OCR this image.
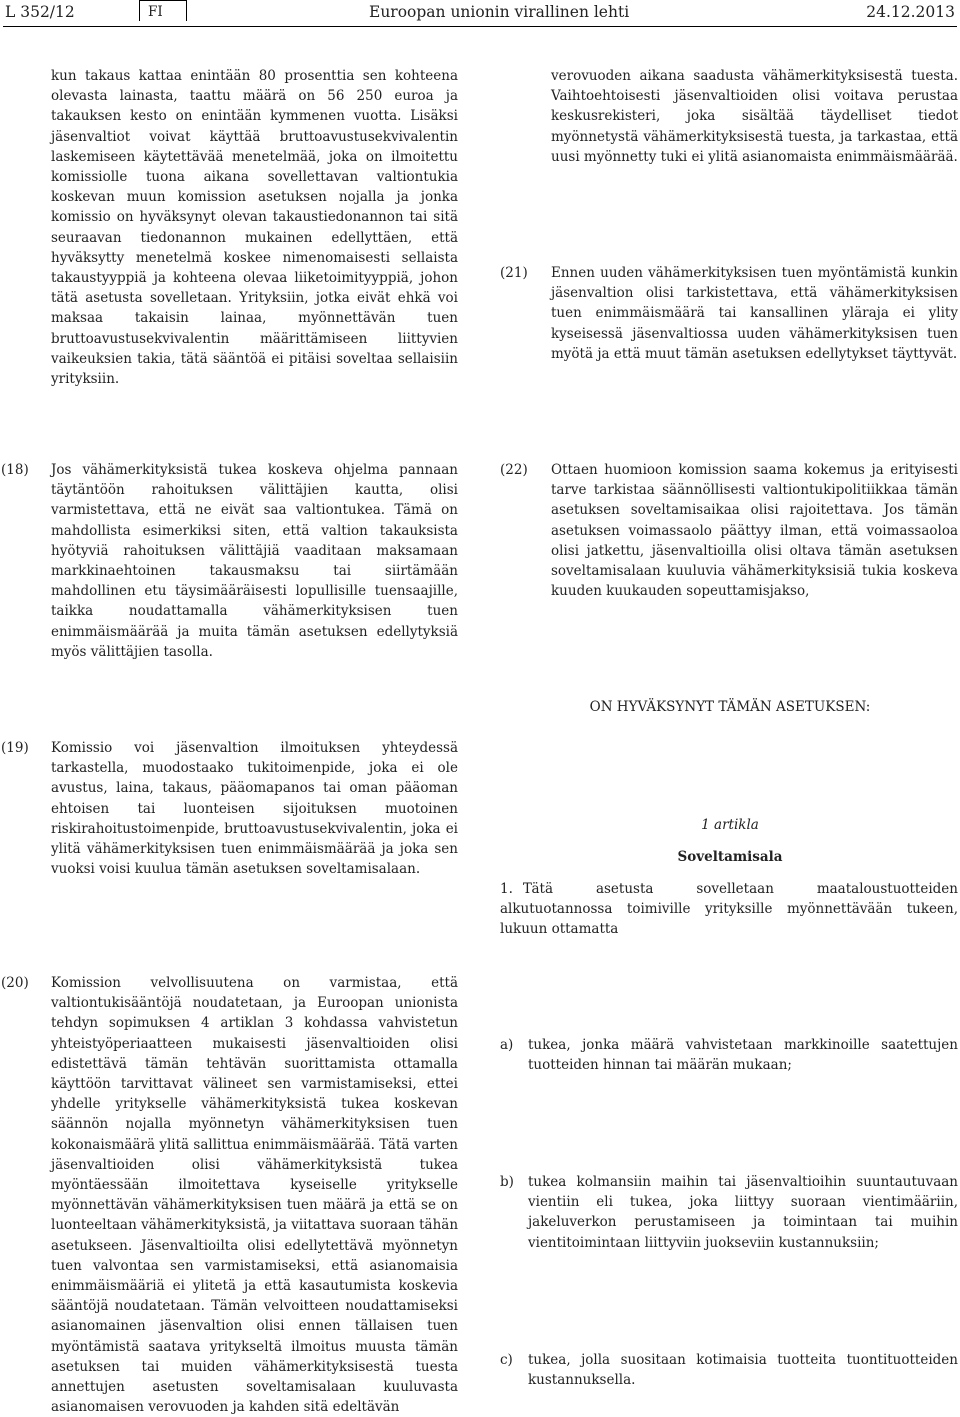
L 352/12	FI	Euroopan unionin virallinen lehti	24.12.2013

kun takaus kattaa enintään 80 prosenttia sen kohteena olevasta lainasta, taattu määrä on 56 250 euroa ja takauksen kesto on enintään kymmenen vuotta. Lisäksi jäsenvaltiot voivat käyttää bruttoavustusekvivalentin laskemiseen käytettävää menetelmää, joka on ilmoitettu komissiolle tuona aikana sovellettavan valtiontukia koskevan muun komission asetuksen nojalla ja jonka komissio on hyväksynyt olevan takaustiedonannon tai sitä seuraavan tiedonannon mukainen edellyttäen, että hyväksytty menetelmä koskee nimenomaisesti sellaista takaustyyppiä ja kohteena olevaa liiketoimityyppiä, johon tätä asetusta sovelletaan. Yrityksiin, jotka eivät ehkä voi maksaa takaisin lainaa, myönnettävän tuen bruttoavustusekvivalentin määrittämiseen liittyvien vaikeuksien takia, tätä sääntöä ei pitäisi soveltaa sellaisiin yrityksiin.

(18) Jos vähämerkityksistä tukea koskeva ohjelma pannaan täytäntöön rahoituksen välittäjien kautta, olisi varmistettava, että ne eivät saa valtiontukea. Tämä on mahdollista esimerkiksi siten, että valtion takauksista hyötyviä rahoituksen välittäjiä vaaditaan maksamaan markkinaehtoinen takausmaksu tai siirtämään mahdollinen etu täysimääräisesti lopullisille tuensaajille, taikka noudattamalla vähämerkityksisen tuen enimmäismäärää ja muita tämän asetuksen edellytyksiä myös välittäjien tasolla.

(19) Komissio voi jäsenvaltion ilmoituksen yhteydessä tarkastella, muodostaako tukitoimenpide, joka ei ole avustus, laina, takaus, pääomapanos tai oman pääoman ehtoisen tai luonteisen sijoituksen muotoinen riskirahoitustoimenpide, bruttoavustusekvivalentin, joka ei ylitä vähämerkityksisen tuen enimmäismäärää ja joka sen vuoksi voisi kuulua tämän asetuksen soveltamisalaan.

(20) Komission velvollisuutena on varmistaa, että valtiontukisääntöjä noudatetaan, ja Euroopan unionista tehdyn sopimuksen 4 artiklan 3 kohdassa vahvistetun yhteistyöperiaatteen mukaisesti jäsenvaltioiden olisi edistettävä tämän tehtävän suorittamista ottamalla käyttöön tarvittavat välineet sen varmistamiseksi, ettei yhdelle yritykselle vähämerkityksistä tukea koskevan säännön nojalla myönnetyn vähämerkityksisen tuen kokonaismäärä ylitä sallittua enimmäismäärää. Tätä varten jäsenvaltioiden olisi vähämerkityksistä tukea myöntäessään ilmoitettava kyseiselle yritykselle myönnettävän vähämerkityksisen tuen määrä ja että se on luonteeltaan vähämerkityksistä, ja viitattava suoraan tähän asetukseen. Jäsenvaltioilta olisi edellytettävä myönnetyn tuen valvontaa sen varmistamiseksi, että asianomaisia enimmäismääriä ei ylitetä ja että kasautumista koskevia sääntöjä noudatetaan. Tämän velvoitteen noudattamiseksi asianomainen jäsenvaltion olisi ennen tällaisen tuen myöntämistä saatava yritykseltä ilmoitus muusta tämän asetuksen tai muiden vähämerkityksisestä tuesta annettujen asetusten soveltamisalaan kuuluvasta asianomaisen verovuoden ja kahden sitä edeltävän

verovuoden aikana saadusta vähämerkityksisestä tuesta. Vaihtoehtoisesti jäsenvaltioiden olisi voitava perustaa keskusrekisteri, joka sisältää täydelliset tiedot myönnetystä vähämerkityksisestä tuesta, ja tarkastaa, että uusi myönnetty tuki ei ylitä asianomaista enimmäismäärää.

(21) Ennen uuden vähämerkityksisen tuen myöntämistä kunkin jäsenvaltion olisi tarkistettava, että vähämerkityksisen tuen enimmäismäärä tai kansallinen yläraja ei ylity kyseisessä jäsenvaltiossa uuden vähämerkityksisen tuen myötä ja että muut tämän asetuksen edellytykset täyttyvät.

(22) Ottaen huomioon komission saama kokemus ja erityisesti tarve tarkistaa säännöllisesti valtiontukipolitiikkaa tämän asetuksen soveltamisaikaa olisi rajoitettava. Jos tämän asetuksen voimassaolo päättyy ilman, että voimassaoloa olisi jatkettu, jäsenvaltioilla olisi oltava tämän asetuksen soveltamisalaan kuuluvia vähämerkityksisiä tukia koskeva kuuden kuukauden sopeuttamisjakso,

ON HYVÄKSYNYT TÄMÄN ASETUKSEN:

1 artikla

Soveltamisala

1. Tätä asetusta sovelletaan maataloustuotteiden alkutuotannossa toimiville yrityksille myönnettävään tukeen, lukuun ottamatta

a) tukea, jonka määrä vahvistetaan markkinoille saatettujen tuotteiden hinnan tai määrän mukaan;

b) tukea kolmansiin maihin tai jäsenvaltioihin suuntautuvaan vientiin eli tukea, joka liittyy suoraan vientimääriin, jakeluverkon perustamiseen ja toimintaan tai muihin vientitoimintaan liittyviin juokseviin kustannuksiin;

c) tukea, jolla suositaan kotimaisia tuotteita tuontituotteiden kustannuksella.
